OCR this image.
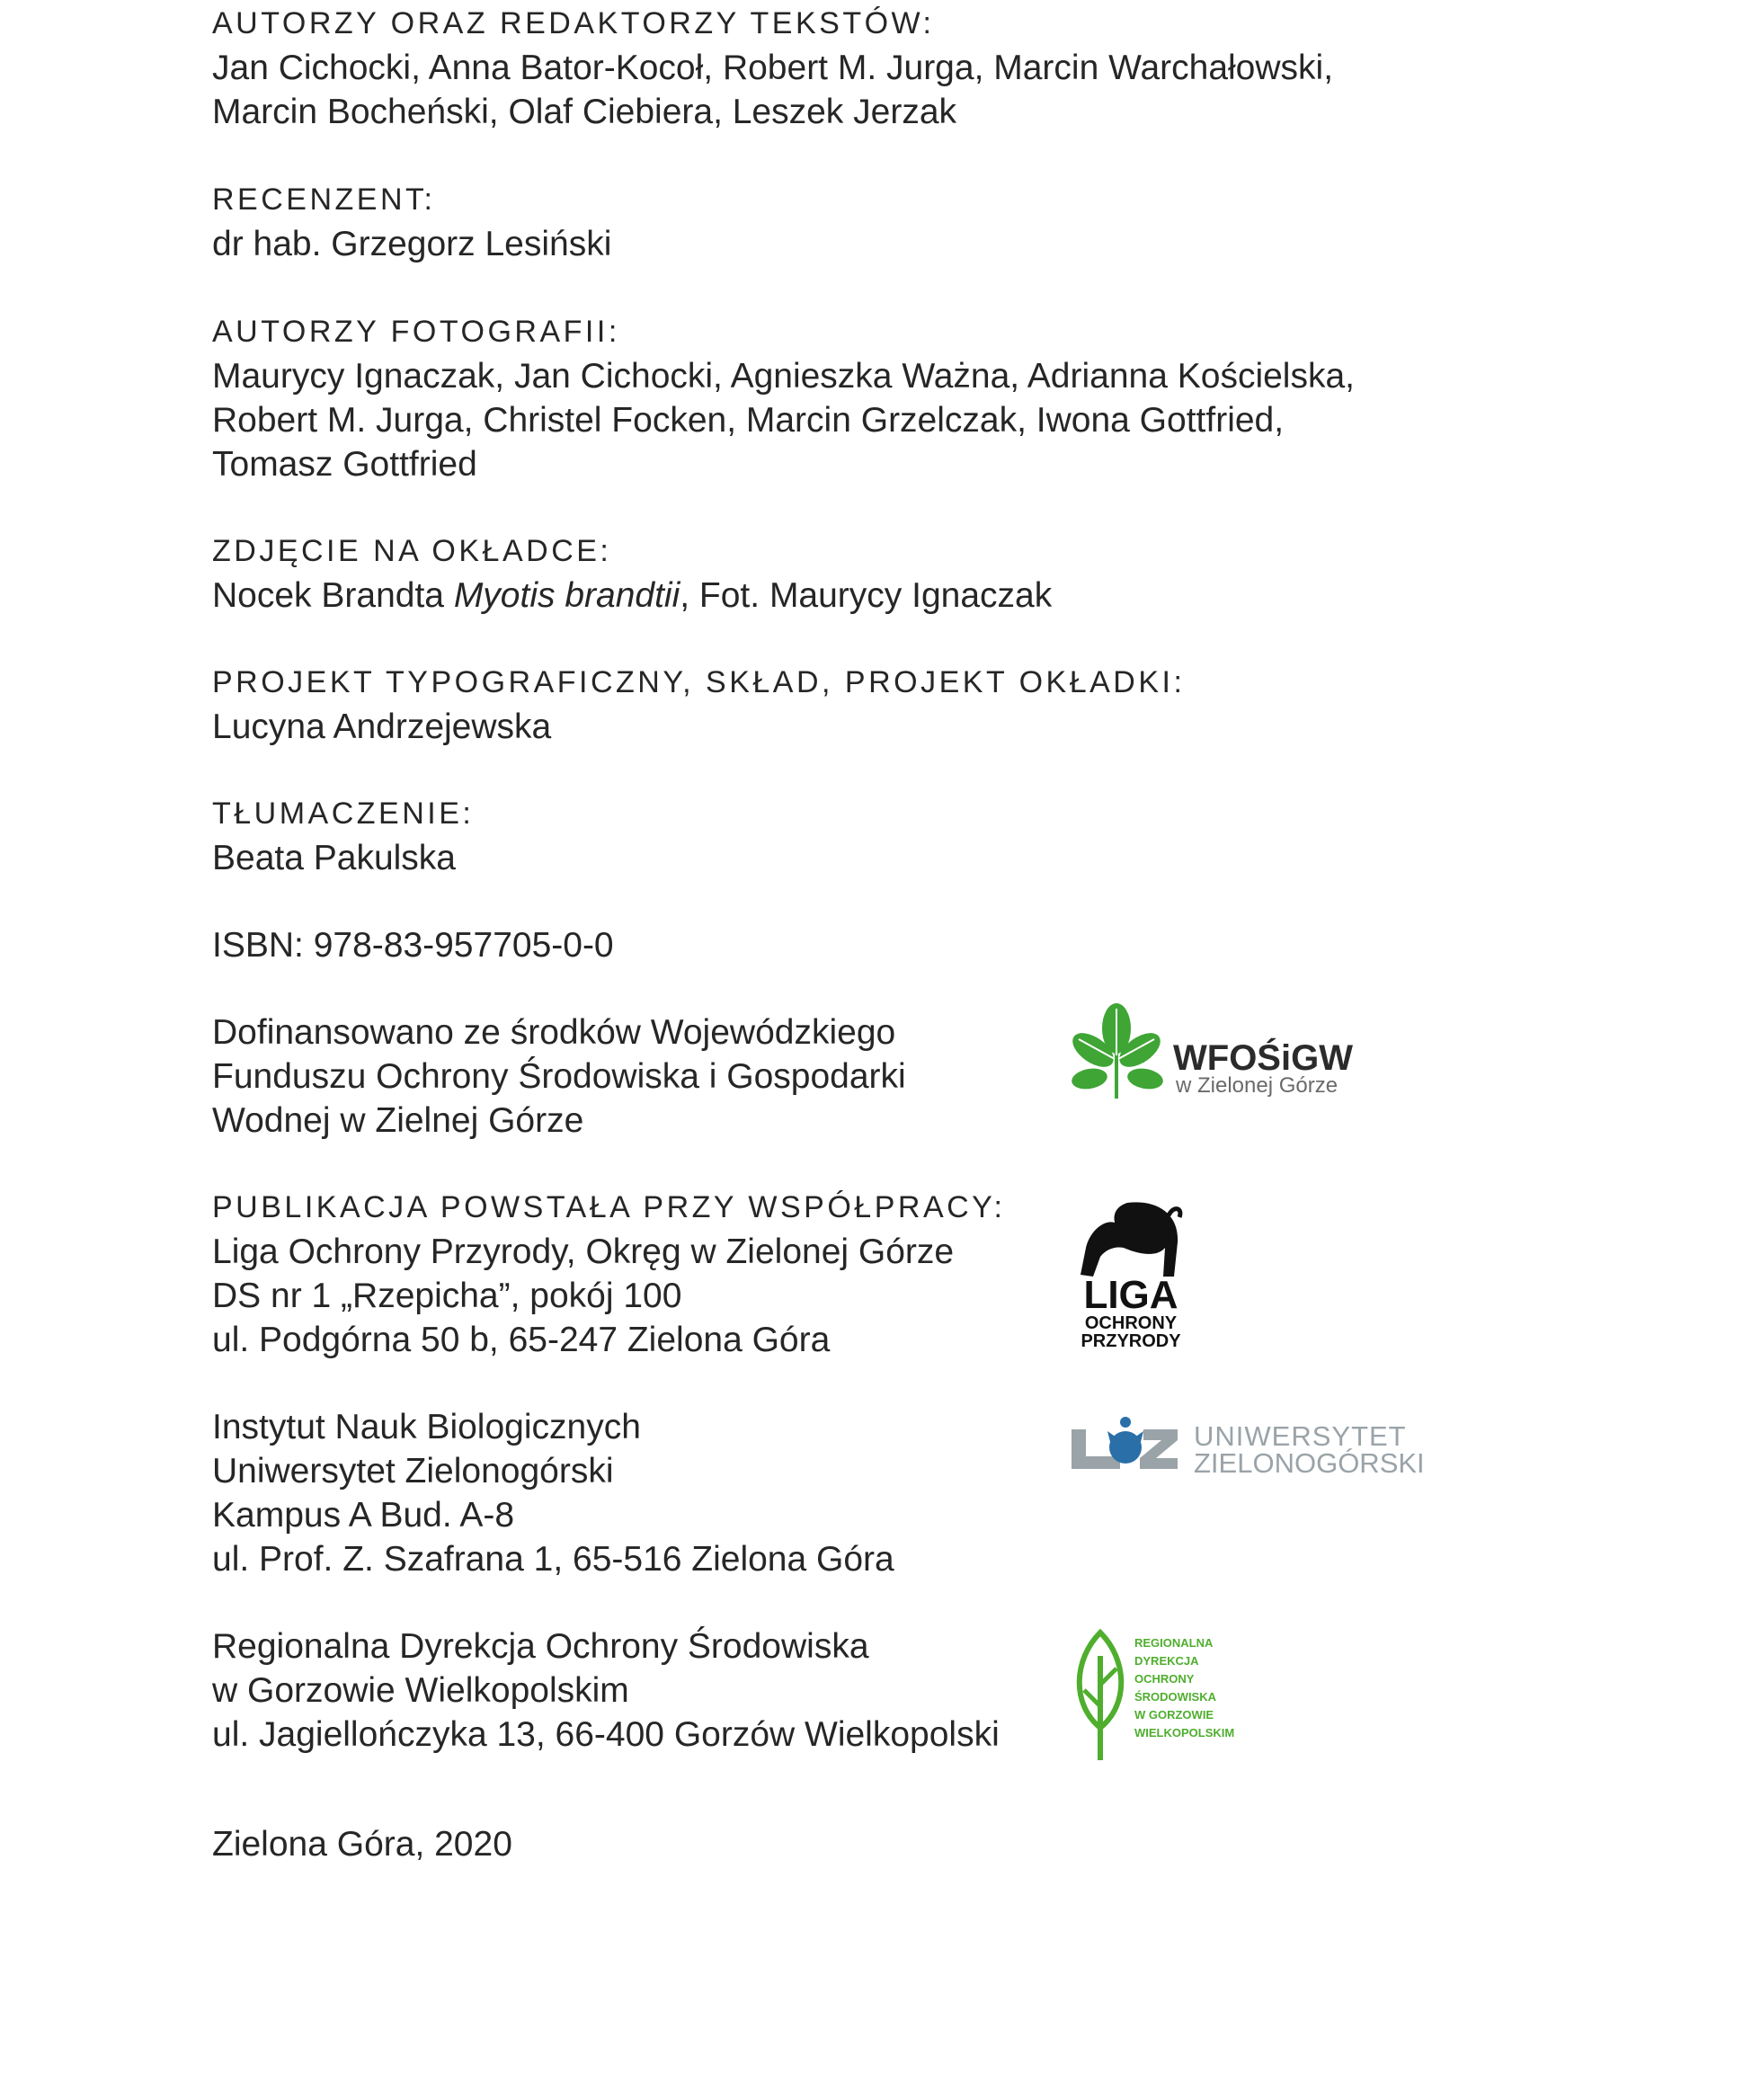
AUTORZY ORAZ REDAKTORZY TEKSTÓW:

Jan Cichocki, Anna Bator-Kocoł, Robert M. Jurga, Marcin Warchałowski,

Marcin Bocheński, Olaf Ciebiera, Leszek Jerzak

RECENZENT:

dr hab. Grzegorz Lesiński

AUTORZY FOTOGRAFII:

Maurycy Ignaczak, Jan Cichocki, Agnieszka Ważna, Adrianna Kościelska,

Robert M. Jurga, Christel Focken, Marcin Grzelczak, Iwona Gottfried,

Tomasz Gottfried

ZDJĘCIE NA OKŁADCE:

Nocek Brandta Myotis brandtii, Fot. Maurycy Ignaczak

PROJEKT TYPOGRAFICZNY, SKŁAD, PROJEKT OKŁADKI:

Lucyna Andrzejewska

TŁUMACZENIE:

Beata Pakulska

ISBN: 978-83-957705-0-0

Dofinansowano ze środków Wojewódzkiego

Funduszu Ochrony Środowiska i Gospodarki

Wodnej w Zielnej Górze

PUBLIKACJA POWSTAŁA PRZY WSPÓŁPRACY:

Liga Ochrony Przyrody, Okręg w Zielonej Górze

DS nr 1 „Rzepicha”, pokój 100

ul. Podgórna 50 b, 65-247 Zielona Góra

Instytut Nauk Biologicznych

Uniwersytet Zielonogórski

Kampus A Bud. A-8

ul. Prof. Z. Szafrana 1, 65-516 Zielona Góra

Regionalna Dyrekcja Ochrony Środowiska

w Gorzowie Wielkopolskim

ul. Jagiellończyka 13, 66-400 Gorzów Wielkopolski

Zielona Góra, 2020

WFOŚiGW
w Zielonej Górze
LIGA
OCHRONY
PRZYRODY
UNIWERSYTET
ZIELONOGÓRSKI
REGIONALNA
DYREKCJA
OCHRONY
ŚRODOWISKA
W GORZOWIE
WIELKOPOLSKIM
